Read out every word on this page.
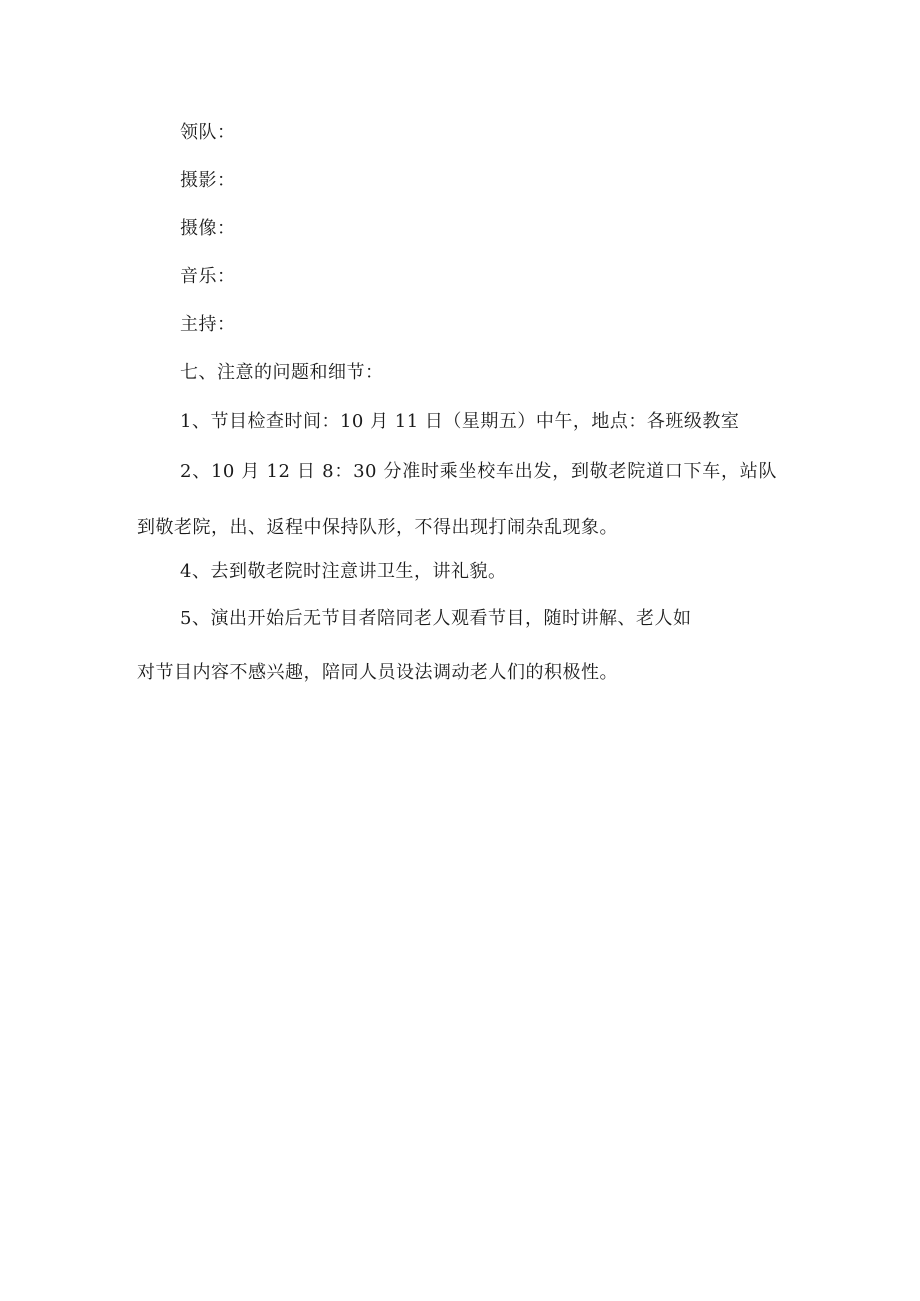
领队：
摄影：
摄像：
音乐：
主持：
七、注意的问题和细节：
1、节目检查时间：10 月 11 日（星期五）中午，地点：各班级教室
2、10 月 12 日 8：30 分准时乘坐校车出发，到敬老院道口下车，站队到敬老院，出、返程中保持队形，不得出现打闹杂乱现象。
4、去到敬老院时注意讲卫生，讲礼貌。
5、演出开始后无节目者陪同老人观看节目，随时讲解、老人如
对节目内容不感兴趣，陪同人员设法调动老人们的积极性。
